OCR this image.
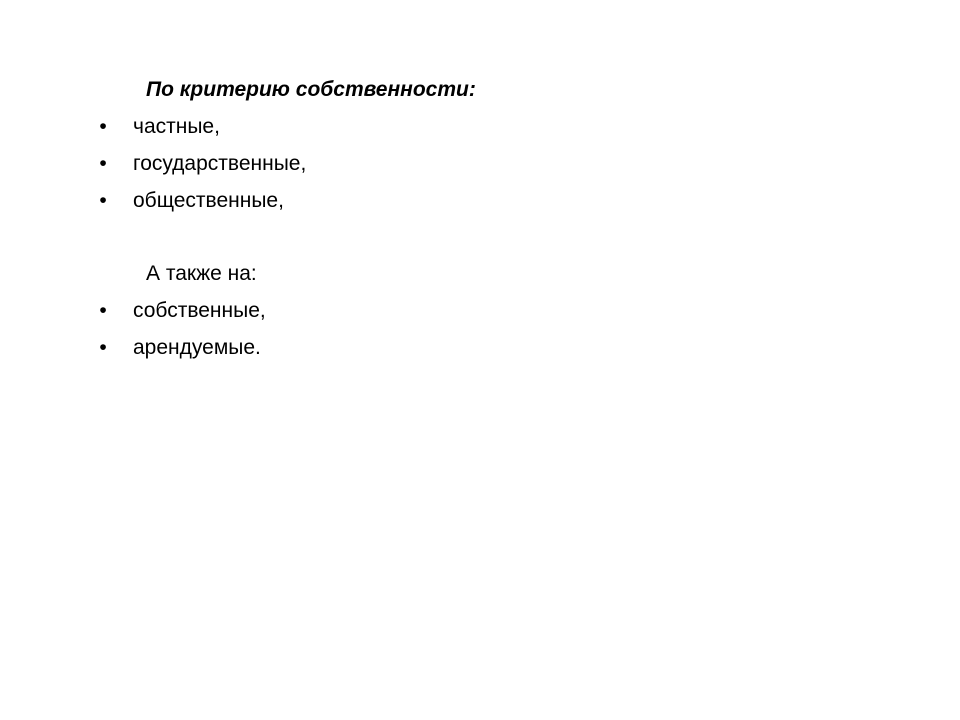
По критерию собственности:

• частные,
• государственные,
• общественные,

А также на:

• собственные,
• арендуемые.
